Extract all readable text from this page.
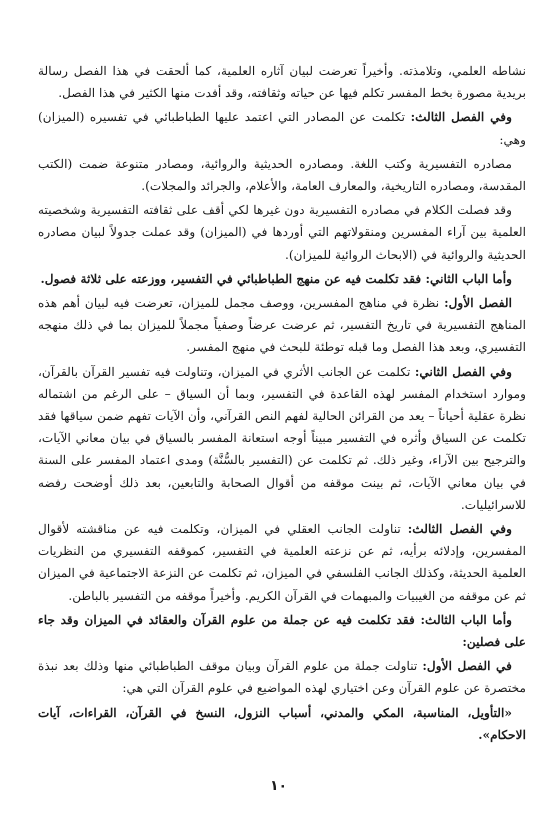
نشاطه العلمي، وتلامذته. وأخيراً تعرضت لبيان آثاره العلمية، كما ألحقت في هذا الفصل رسالة بريدية مصورة بخط المفسر تكلم فيها عن حياته وثقافته، وقد أفدت منها الكثير في هذا الفصل.

وفي الفصل الثالث: تكلمت عن المصادر التي اعتمد عليها الطباطبائي في تفسيره (الميزان) وهي:

مصادره التفسيرية وكتب اللغة. ومصادره الحديثية والروائية، ومصادر متنوعة ضمت (الكتب المقدسة، ومصادره التاريخية، والمعارف العامة، والأعلام، والجرائد والمجلات).

وقد فصلت الكلام في مصادره التفسيرية دون غيرها لكي أقف على ثقافته التفسيرية وشخصيته العلمية بين آراء المفسرين ومنقولاتهم التي أوردها في (الميزان) وقد عملت جدولاً لبيان مصادره الحديثية والروائية في (الابحاث الروائية للميزان).

وأما الباب الثاني: فقد تكلمت فيه عن منهج الطباطبائي في التفسير، ووزعته على ثلاثة فصول.

الفصل الأول: نظرة في مناهج المفسرين، ووصف مجمل للميزان، تعرضت فيه لبيان أهم هذه المناهج التفسيرية في تاريخ التفسير، ثم عرضت عرضاً وصفياً مجملاً للميزان بما في ذلك منهجه التفسيري، وبعد هذا الفصل وما قبله توطئة للبحث في منهج المفسر.

وفي الفصل الثاني: تكلمت عن الجانب الأثري في الميزان، وتناولت فيه تفسير القرآن بالقرآن، وموارد استخدام المفسر لهذه القاعدة في التفسير، وبما أن السياق – على الرغم من اشتماله نظرة عقلية أحياناً – يعد من القرائن الحالية لفهم النص القرآني، وأن الآيات تفهم ضمن سياقها فقد تكلمت عن السياق وأثره في التفسير مبيناً أوجه استعانة المفسر بالسياق في بيان معاني الآيات، والترجيح بين الآراء، وغير ذلك. ثم تكلمت عن (التفسير بالسُّنَّة) ومدى اعتماد المفسر على السنة في بيان معاني الآيات، ثم بينت موقفه من أقوال الصحابة والتابعين، بعد ذلك أوضحت رفضه للاسرائيليات.

وفي الفصل الثالث: تناولت الجانب العقلي في الميزان، وتكلمت فيه عن مناقشته لأقوال المفسرين، وإدلائه برأيه، ثم عن نزعته العلمية في التفسير، كموقفه التفسيري من النظريات العلمية الحديثة، وكذلك الجانب الفلسفي في الميزان، ثم تكلمت عن النزعة الاجتماعية في الميزان ثم عن موقفه من الغيبيات والمبهمات في القرآن الكريم. وأخيراً موقفه من التفسير بالباطن.

وأما الباب الثالث: فقد تكلمت فيه عن جملة من علوم القرآن والعقائد في الميزان وقد جاء على فصلين:

في الفصل الأول: تناولت جملة من علوم القرآن وبيان موقف الطباطبائي منها وذلك بعد نبذة مختصرة عن علوم القرآن وعن اختياري لهذه المواضيع في علوم القرآن التي هي:

«التأويل، المناسبة، المكي والمدني، أسباب النزول، النسخ في القرآن، القراءات، آيات الاحكام».

١٠
